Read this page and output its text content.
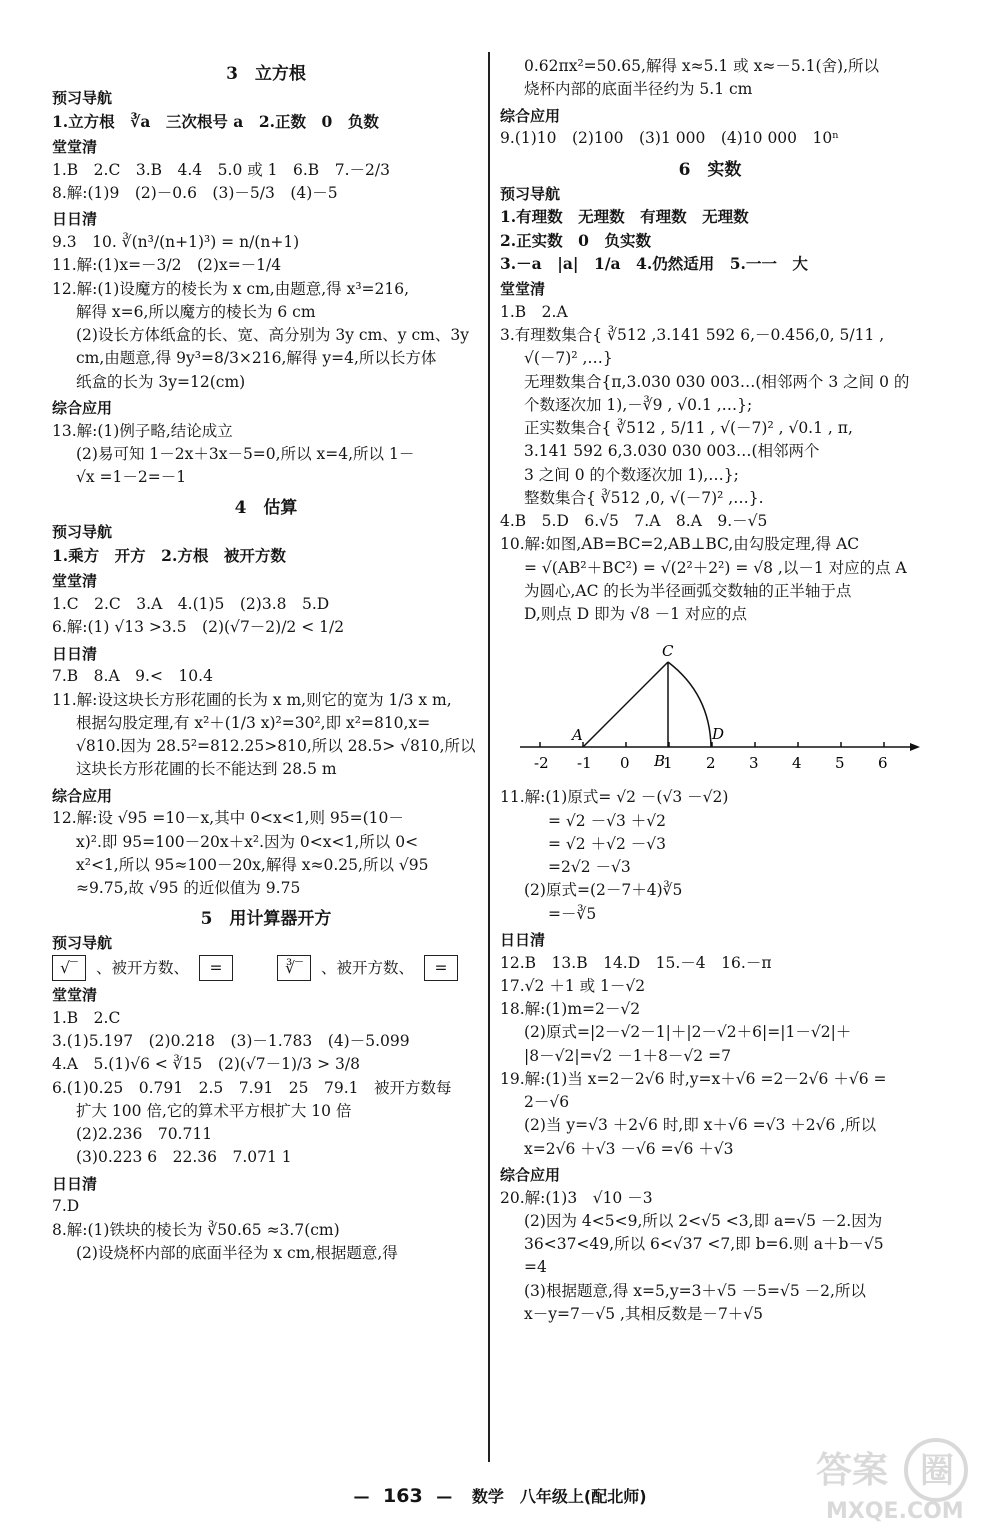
3　立方根
预习导航
1.立方根　∛a　三次根号 a　2.正数　0　负数
堂堂清
1.B　2.C　3.B　4.4　5.0 或 1　6.B　7.－2/3
8.解:(1)9　(2)－0.6　(3)－5/3　(4)－5
日日清
9.3　10. ∛(n³/(n+1)³) = n/(n+1)
11.解:(1)x=－3/2　(2)x=－1/4
12.解:(1)设魔方的棱长为 x cm,由题意,得 x³=216,
解得 x=6,所以魔方的棱长为 6 cm
(2)设长方体纸盒的长、宽、高分别为 3y cm、y cm、3y
cm,由题意,得 9y³=8/3×216,解得 y=4,所以长方体
纸盒的长为 3y=12(cm)
综合应用
13.解:(1)例子略,结论成立
(2)易可知 1－2x＋3x－5=0,所以 x=4,所以 1－
√x =1－2=－1
4　估算
预习导航
1.乘方　开方　2.方根　被开方数
堂堂清
1.C　2.C　3.A　4.(1)5　(2)3.8　5.D
6.解:(1) √13 >3.5　(2)(√7－2)/2 < 1/2
日日清
7.B　8.A　9.<　10.4
11.解:设这块长方形花圃的长为 x m,则它的宽为 1/3 x m,
根据勾股定理,有 x²＋(1/3 x)²=30²,即 x²=810,x=
√810.因为 28.5²=812.25>810,所以 28.5> √810,所以
这块长方形花圃的长不能达到 28.5 m
综合应用
12.解:设 √95 =10－x,其中 0<x<1,则 95=(10－
x)².即 95=100－20x＋x².因为 0<x<1,所以 0<
x²<1,所以 95≈100－20x,解得 x≈0.25,所以 √95
≈9.75,故 √95 的近似值为 9.75
5　用计算器开方
预习导航
√‾	、被开方数、	=	∛‾	、被开方数、	=
堂堂清
1.B　2.C
3.(1)5.197　(2)0.218　(3)－1.783　(4)－5.099
4.A　5.(1)√6 < ∛15　(2)(√7－1)/3 > 3/8
6.(1)0.25　0.791　2.5　7.91　25　79.1　被开方数每
扩大 100 倍,它的算术平方根扩大 10 倍
(2)2.236　70.711
(3)0.223 6　22.36　7.071 1
日日清
7.D
8.解:(1)铁块的棱长为 ∛50.65 ≈3.7(cm)
(2)设烧杯内部的底面半径为 x cm,根据题意,得
0.62πx²=50.65,解得 x≈5.1 或 x≈－5.1(舍),所以
烧杯内部的底面半径约为 5.1 cm
综合应用
9.(1)10　(2)100　(3)1 000　(4)10 000　10ⁿ
6　实数
预习导航
1.有理数　无理数　有理数　无理数
2.正实数　0　负实数
3.－a　|a|　1/a　4.仍然适用　5.一一　大
堂堂清
1.B　2.A
3.有理数集合{ ∛512 ,3.141 592 6,－0.456,0, 5/11 ,
√(－7)² ,…}
无理数集合{π,3.030 030 003…(相邻两个 3 之间 0 的
个数逐次加 1),－∛9 , √0.1 ,…};
正实数集合{ ∛512 , 5/11 , √(－7)² , √0.1 , π,
3.141 592 6,3.030 030 003…(相邻两个
3 之间 0 的个数逐次加 1),…};
整数集合{ ∛512 ,0, √(－7)² ,…}.
4.B　5.D　6.√5　7.A　8.A　9.－√5
10.解:如图,AB=BC=2,AB⊥BC,由勾股定理,得 AC
= √(AB²＋BC²) = √(2²＋2²) = √8 ,以－1 对应的点 A
为圆心,AC 的长为半径画弧交数轴的正半轴于点
D,则点 D 即为 √8 －1 对应的点
-2 -1 0 1 2 3 4 5 6
A
B
C
D
11.解:(1)原式= √2 －(√3 －√2)
= √2 －√3 ＋√2
= √2 ＋√2 －√3
=2√2 －√3
(2)原式=(2－7＋4)∛5
=－∛5
日日清
12.B　13.B　14.D　15.－4　16.－π
17.√2 ＋1 或 1－√2
18.解:(1)m=2－√2
(2)原式=|2－√2－1|＋|2－√2＋6|=|1－√2|＋
|8－√2|=√2 －1＋8－√2 =7
19.解:(1)当 x=2－2√6 时,y=x＋√6 =2－2√6 ＋√6 =
2－√6
(2)当 y=√3 ＋2√6 时,即 x＋√6 =√3 ＋2√6 ,所以
x=2√6 ＋√3 －√6 =√6 ＋√3
综合应用
20.解:(1)3　√10 －3
(2)因为 4<5<9,所以 2<√5 <3,即 a=√5 －2.因为
36<37<49,所以 6<√37 <7,即 b=6.则 a＋b－√5
=4
(3)根据题意,得 x=5,y=3＋√5 －5=√5 －2,所以
x－y=7－√5 ,其相反数是－7＋√5
— 163 — 数学　八年级上(配北师)
答案 圈
MXQE.COM
